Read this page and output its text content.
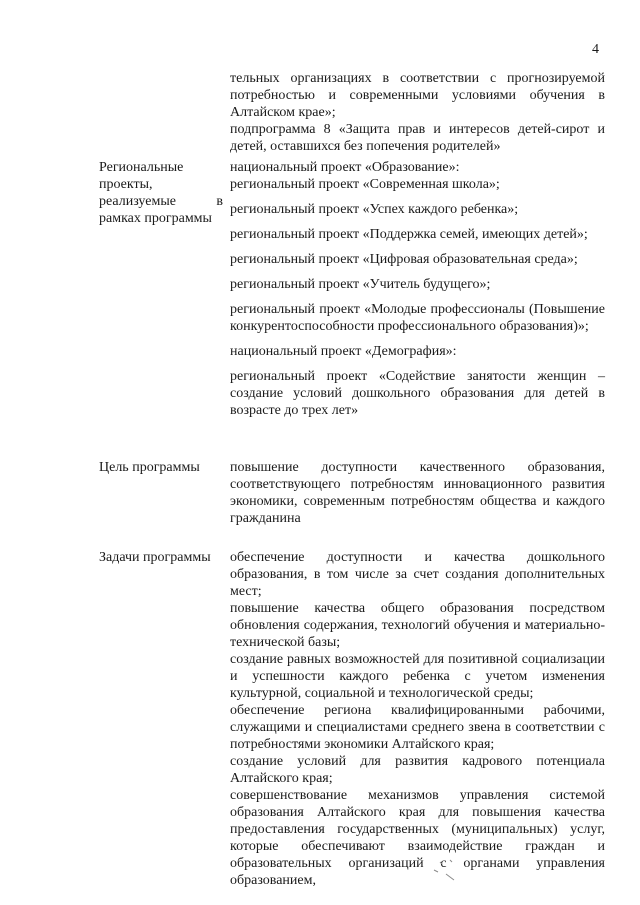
4

тельных организациях в соответствии с прогнозируемой потребностью и современными условиями обучения в Алтайском крае»;

подпрограмма 8 «Защита прав и интересов детей-сирот и детей, оставшихся без попечения родителей»

Региональные проекты, реализуемые в рамках программы

национальный проект «Образование»:

региональный проект «Современная школа»;

региональный проект «Успех каждого ребенка»;

региональный проект «Поддержка семей, имеющих детей»;

региональный проект «Цифровая образовательная среда»;

региональный проект «Учитель будущего»;

региональный проект «Молодые профессионалы (Повышение конкурентоспособности профессионального образования)»;

национальный проект «Демография»:

региональный проект «Содействие занятости женщин – создание условий дошкольного образования для детей в возрасте до трех лет»

Цель программы	повышение доступности качественного образования, соответствующего потребностям инновационного развития экономики, современным потребностям общества и каждого гражданина

Задачи программы	обеспечение доступности и качества дошкольного образования, в том числе за счет создания дополнительных мест;

повышение качества общего образования посредством обновления содержания, технологий обучения и материально-технической базы;

создание равных возможностей для позитивной социализации и успешности каждого ребенка с учетом изменения культурной, социальной и технологической среды;

обеспечение региона квалифицированными рабочими, служащими и специалистами среднего звена в соответствии с потребностями экономики Алтайского края;

создание условий для развития кадрового потенциала Алтайского края;

совершенствование механизмов управления системой образования Алтайского края для повышения качества предоставления государственных (муниципальных) услуг, которые обеспечивают взаимодействие граждан и образовательных организаций с органами управления образованием,
